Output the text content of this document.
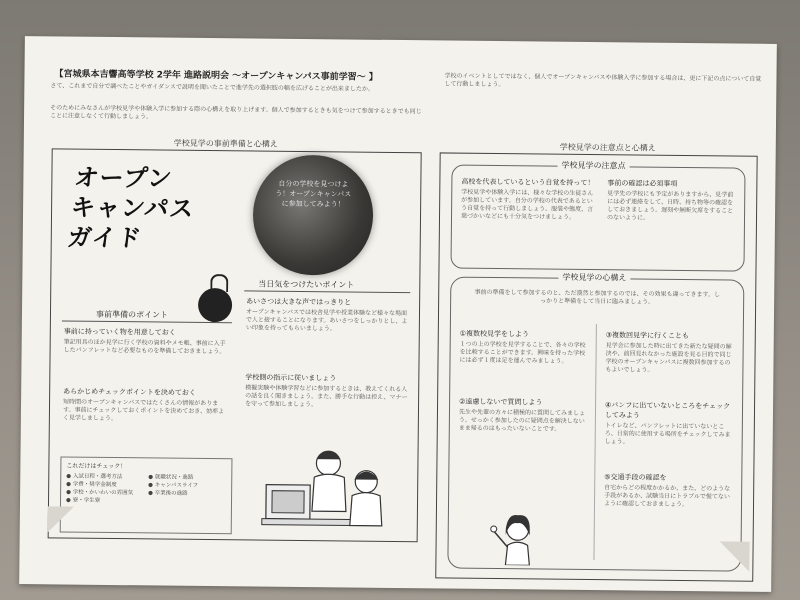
【宮城県本吉響高等学校 2学年 進路説明会 ～オープンキャンパス事前学習～ 】
さて、これまで自分で調べたことやガイダンスで説明を聞いたことで進学先の選択肢の幅を広げることが出来ましたか。
そのためにみなさんが学校見学や体験入学に参加する際の心構えを取り上げます。個人で参加するときも気をつけて参加するときでも同じことに注意しなくて行動しましょう。
学校のイベントとしてではなく、個人でオープンキャンパスや体験入学に参加する場合は、更に下記の点について自覚して行動しましょう。
学校見学の事前準備と心構え
オープン
キャンパス
ガイド
自分の学校を見つけよう！オープンキャンパスに参加してみよう！
事前準備のポイント
事前に持っていく物を用意しておく
筆記用具のほか見学に行く学校の資料やメモ帳、事前に入手したパンフレットなど必要なものを準備しておきましょう。
あらかじめチェックポイントを決めておく
短時間のオープンキャンパスではたくさんの情報があります。事前にチェックしておくポイントを決めておき、効率よく見学しましょう。
これだけはチェック！
● 入試日程・選考方法	● 就職状況・進路
● 学費・奨学金制度	● キャンパスライフ
● 学校・かいわいの雰囲気	● 卒業後の進路
● 寮・学生寮
当日気をつけたいポイント
あいさつは大きな声ではっきりと
オープンキャンパスでは校舎見学や授業体験など様々な場面で人と接することになります。あいさつをしっかりとし、よい印象を持ってもらいましょう。
学校側の指示に従いましょう
模擬実験や体験学習などに参加するときは、教えてくれる人の話を良く聞きましょう。また、勝手な行動は控え、マナーを守って参加しましょう。
学校見学の注意点と心構え
学校見学の注意点
高校を代表しているという自覚を持って！
学校見学や体験入学には、様々な学校の生徒さんが参加しています。自分の学校の代表であるという自覚を持って行動しましょう。服装や態度、言葉づかいなどにも十分気をつけましょう。
事前の確認は必須事項
見学先の学校にも予定がありますから、見学前には必ず連絡をして、日時、持ち物等の確認をしておきましょう。遅刻や無断欠席をすることのないように。
学校見学の心構え
事前の準備をして参加するのと、ただ漠然と参加するのでは、その効果も違ってきます。しっかりと準備をして当日に臨みましょう。
①複数校見学をしよう
１つの上の学校を見学することで、各々の学校を比較することができます。興味を持った学校には必ず１度は足を運んでみましょう。
②遠慮しないで質問しよう
先生や先輩の方々に積極的に質問してみましょう。せっかく参加したのに疑問点を解決しないまま帰るのはもったいないことです。
③複数回見学に行くことも
見学会に参加した時に出てきた新たな疑問の解決や、前回見れなかった施設を見る目的で同じ学校のオープンキャンパスに複数回参加するのもよいでしょう。
④パンフに出ていないところをチェックしてみよう
トイレなど、パンフレットに出ていないところ、日常的に使用する場所をチェックしてみましょう。
⑤交通手段の確認を
自宅からどの程度かかるか、また、どのような手段があるか、試験当日にトラブルで慌てないように確認しておきましょう。
